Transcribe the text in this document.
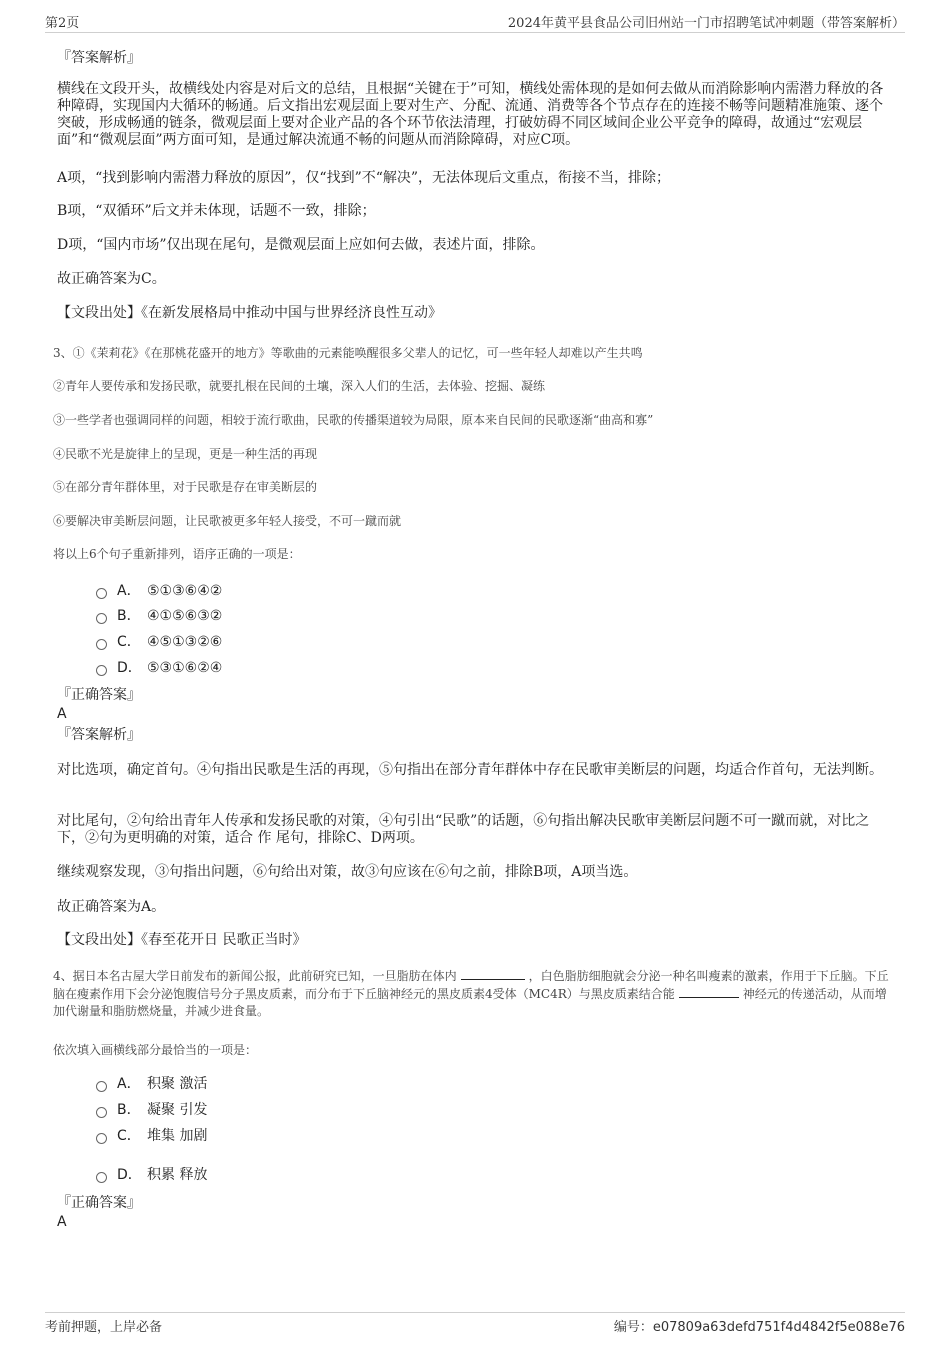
第2页	2024年黄平县食品公司旧州站一门市招聘笔试冲刺题（带答案解析）
『答案解析』
横线在文段开头，故横线处内容是对后文的总结，且根据“关键在于”可知，横线处需体现的是如何去做从而消除影响内需潜力释放的各种障碍，实现国内大循环的畅通。后文指出宏观层面上要对生产、分配、流通、消费等各个节点存在的连接不畅等问题精准施策、逐个突破，形成畅通的链条，微观层面上要对企业产品的各个环节依法清理，打破妨碍不同区域间企业公平竞争的障碍，故通过“宏观层面”和“微观层面”两方面可知，是通过解决流通不畅的问题从而消除障碍，对应C项。
A项，“找到影响内需潜力释放的原因”，仅“找到”不“解决”，无法体现后文重点，衔接不当，排除；
B项，“双循环”后文并未体现，话题不一致，排除；
D项，“国内市场”仅出现在尾句，是微观层面上应如何去做，表述片面，排除。
故正确答案为C。
【文段出处】《在新发展格局中推动中国与世界经济良性互动》
3、①《茉莉花》《在那桃花盛开的地方》等歌曲的元素能唤醒很多父辈人的记忆，可一些年轻人却难以产生共鸣
②青年人要传承和发扬民歌，就要扎根在民间的土壤，深入人们的生活，去体验、挖掘、凝练
③一些学者也强调同样的问题，相较于流行歌曲，民歌的传播渠道较为局限，原本来自民间的民歌逐渐“曲高和寡”
④民歌不光是旋律上的呈现，更是一种生活的再现
⑤在部分青年群体里，对于民歌是存在审美断层的
⑥要解决审美断层问题，让民歌被更多年轻人接受，不可一蹴而就
将以上6个句子重新排列，语序正确的一项是：
A． ⑤①③⑥④②
B． ④①⑤⑥③②
C． ④⑤①③②⑥
D． ⑤③①⑥②④
『正确答案』
A
『答案解析』
对比选项，确定首句。④句指出民歌是生活的再现，⑤句指出在部分青年群体中存在民歌审美断层的问题，均适合作首句，无法判断。
对比尾句，②句给出青年人传承和发扬民歌的对策，④句引出“民歌”的话题，⑥句指出解决民歌审美断层问题不可一蹴而就，对比之下，②句为更明确的对策，适合 作 尾句，排除C、D两项。
继续观察发现，③句指出问题，⑥句给出对策，故③句应该在⑥句之前，排除B项，A项当选。
故正确答案为A。
【文段出处】《春至花开日 民歌正当时》
4、据日本名古屋大学日前发布的新闻公报，此前研究已知，一旦脂肪在体内	，白色脂肪细胞就会分泌一种名叫瘦素的激素，作用于下丘脑。下丘脑在瘦素作用下会分泌饱腹信号分子黑皮质素，而分布于下丘脑神经元的黑皮质素4受体（MC4R）与黑皮质素结合能	神经元的传递活动，从而增加代谢量和脂肪燃烧量，并减少进食量。
依次填入画横线部分最恰当的一项是：
A． 积聚 激活
B． 凝聚 引发
C． 堆集 加剧
D． 积累 释放
『正确答案』
A
考前押题，上岸必备	编号：e07809a63defd751f4d4842f5e088e76
